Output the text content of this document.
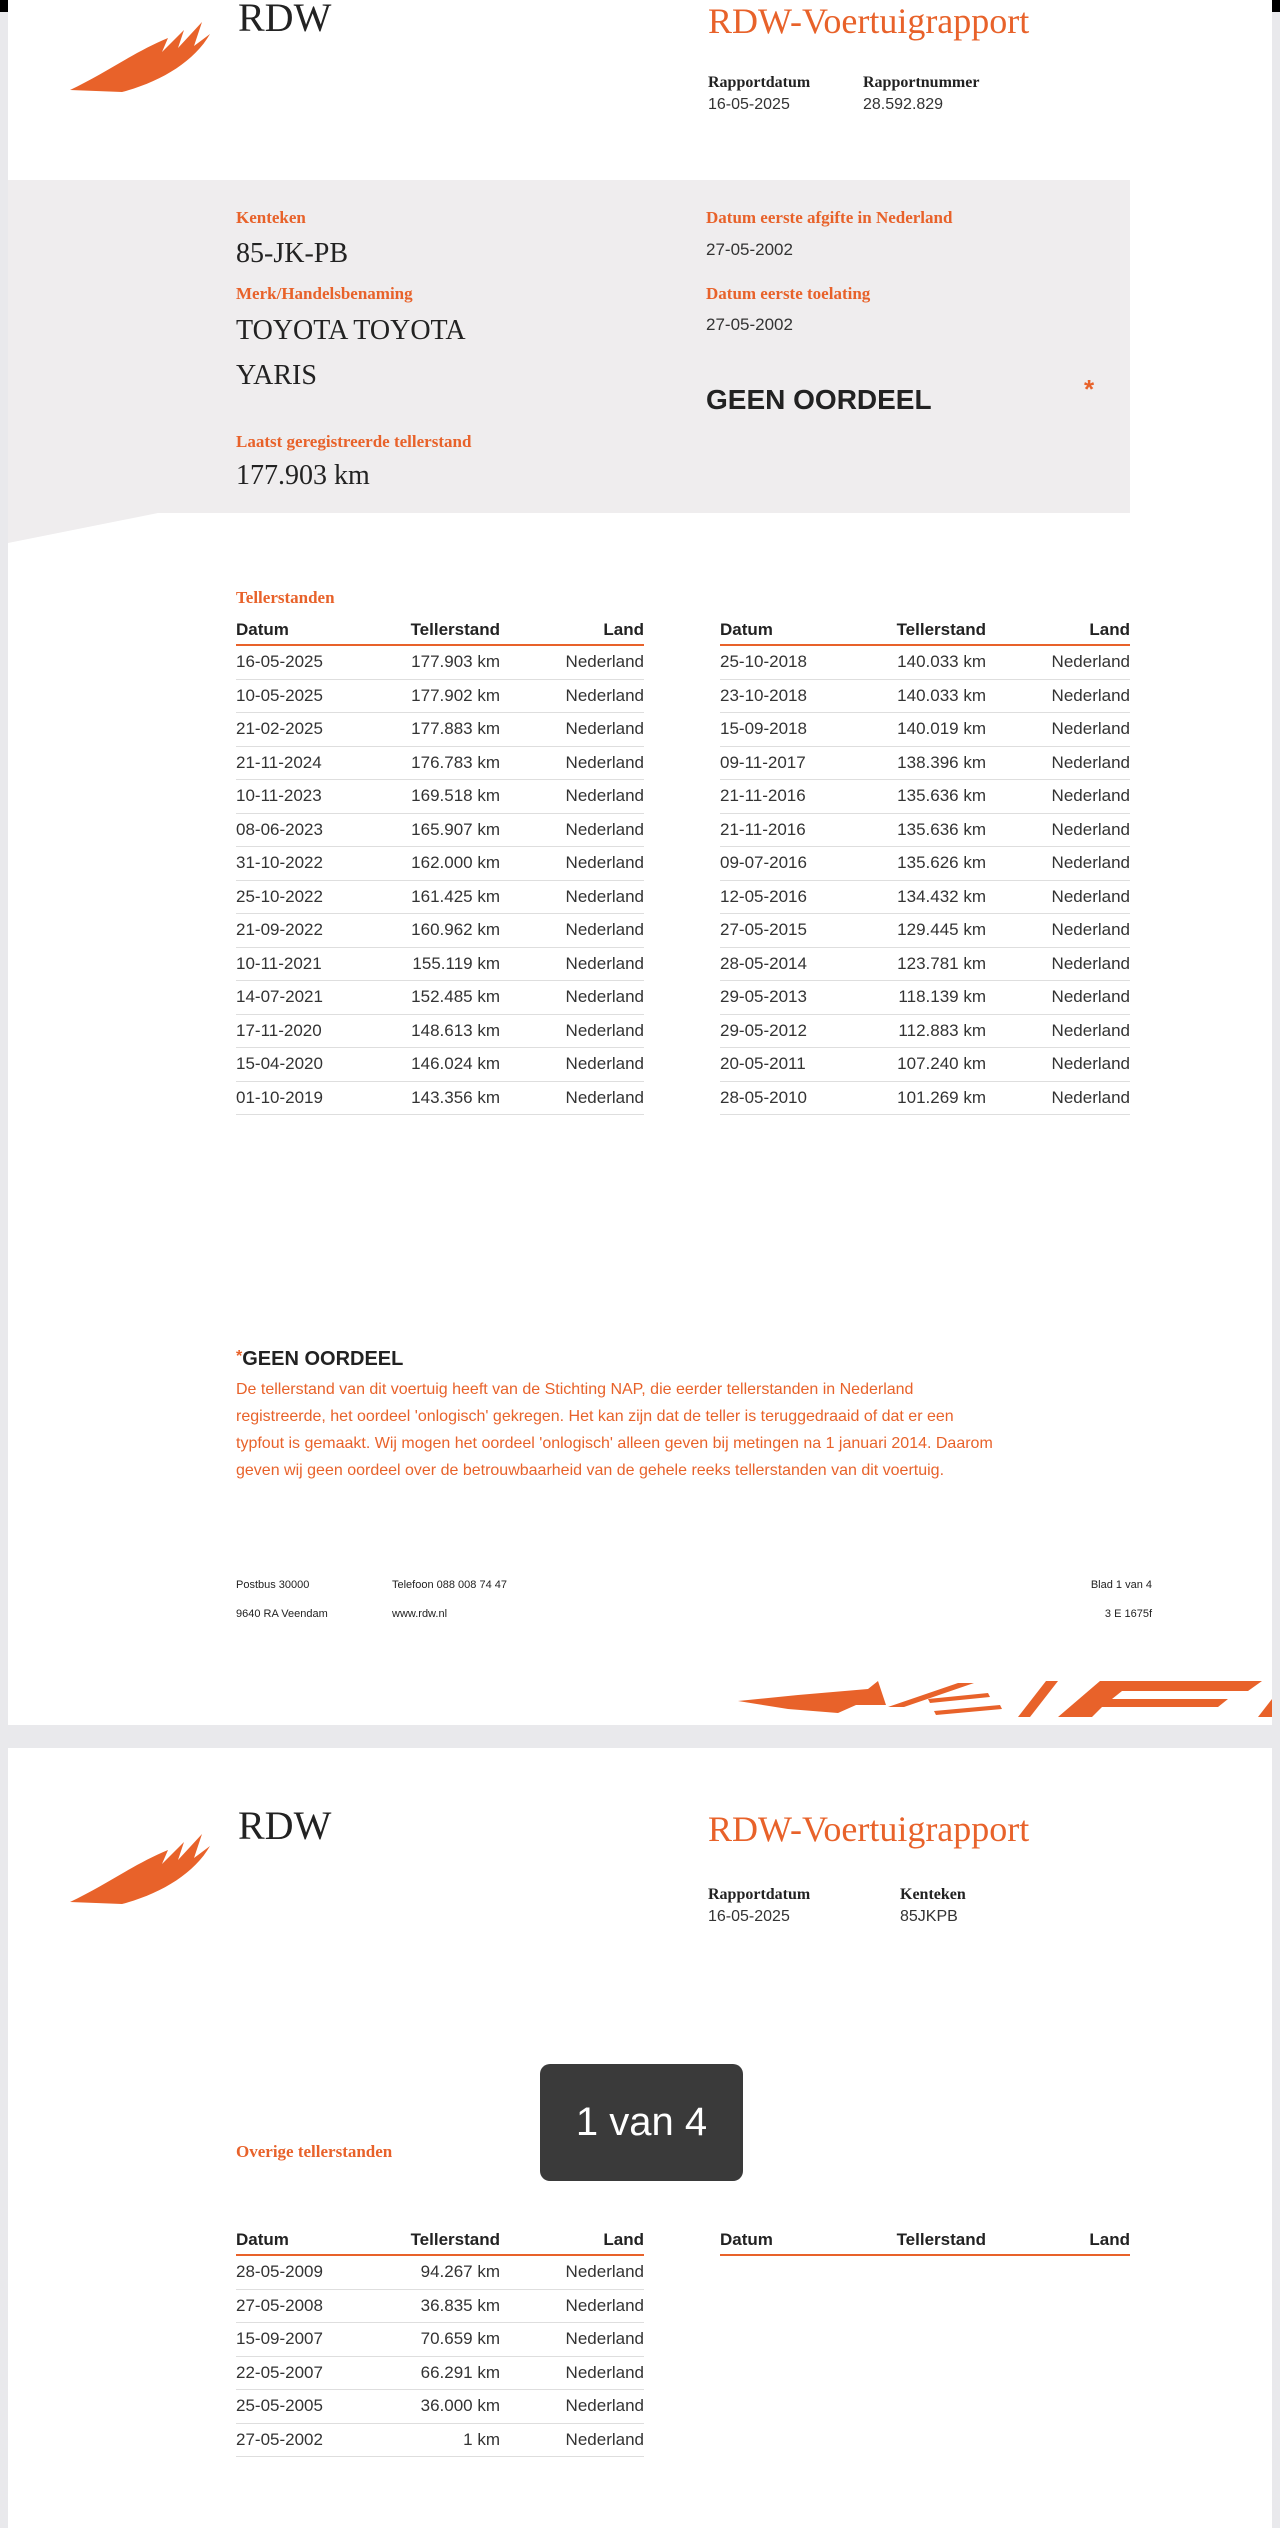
RDW	RDW-Voertuigrapport
Rapportdatum
16-05-2025
Rapportnummer
28.592.829
Kenteken
85-JK-PB
Merk/Handelsbenaming
TOYOTA TOYOTA
YARIS
Laatst geregistreerde tellerstand
177.903 km
Datum eerste afgifte in Nederland
27-05-2002
Datum eerste toelating
27-05-2002
GEEN OORDEEL	*
Tellerstanden
Datum	Tellerstand	Land
16-05-2025	177.903 km	Nederland
10-05-2025	177.902 km	Nederland
21-02-2025	177.883 km	Nederland
21-11-2024	176.783 km	Nederland
10-11-2023	169.518 km	Nederland
08-06-2023	165.907 km	Nederland
31-10-2022	162.000 km	Nederland
25-10-2022	161.425 km	Nederland
21-09-2022	160.962 km	Nederland
10-11-2021	155.119 km	Nederland
14-07-2021	152.485 km	Nederland
17-11-2020	148.613 km	Nederland
15-04-2020	146.024 km	Nederland
01-10-2019	143.356 km	Nederland
Datum	Tellerstand	Land
25-10-2018	140.033 km	Nederland
23-10-2018	140.033 km	Nederland
15-09-2018	140.019 km	Nederland
09-11-2017	138.396 km	Nederland
21-11-2016	135.636 km	Nederland
21-11-2016	135.636 km	Nederland
09-07-2016	135.626 km	Nederland
12-05-2016	134.432 km	Nederland
27-05-2015	129.445 km	Nederland
28-05-2014	123.781 km	Nederland
29-05-2013	118.139 km	Nederland
29-05-2012	112.883 km	Nederland
20-05-2011	107.240 km	Nederland
28-05-2010	101.269 km	Nederland
*GEEN OORDEEL
De tellerstand van dit voertuig heeft van de Stichting NAP, die eerder tellerstanden in Nederland
registreerde, het oordeel 'onlogisch' gekregen. Het kan zijn dat de teller is teruggedraaid of dat er een
typfout is gemaakt. Wij mogen het oordeel 'onlogisch' alleen geven bij metingen na 1 januari 2014. Daarom
geven wij geen oordeel over de betrouwbaarheid van de gehele reeks tellerstanden van dit voertuig.
Postbus 30000
9640 RA Veendam
Telefoon 088 008 74 47
www.rdw.nl
Blad 1 van 4
3 E 1675f
RDW	RDW-Voertuigrapport
Rapportdatum
16-05-2025
Kenteken
85JKPB
Overige tellerstanden
Datum	Tellerstand	Land
28-05-2009	94.267 km	Nederland
27-05-2008	36.835 km	Nederland
15-09-2007	70.659 km	Nederland
22-05-2007	66.291 km	Nederland
25-05-2005	36.000 km	Nederland
27-05-2002	1 km	Nederland
Datum	Tellerstand	Land
1 van 4
